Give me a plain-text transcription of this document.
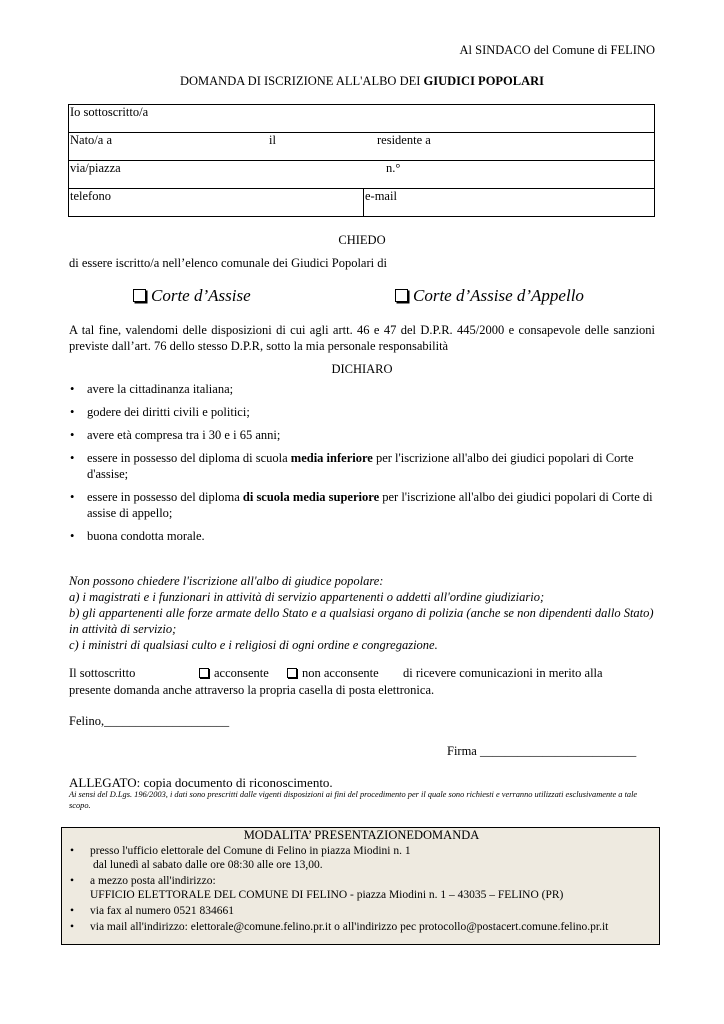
Al SINDACO del Comune di FELINO
DOMANDA DI ISCRIZIONE ALL'ALBO DEI GIUDICI POPOLARI
Io sottoscritto/a

Nato/a a	il	residente a

via/piazza	n.°

telefono	e-mail
CHIEDO
di essere iscritto/a nell’elenco comunale dei Giudici Popolari di
Corte d’Assise	Corte d’Assise d’Appello
A tal fine, valendomi delle disposizioni di cui agli artt. 46 e 47 del D.P.R. 445/2000 e consapevole delle sanzioni previste dall’art. 76 dello stesso D.P.R, sotto la mia personale responsabilità
DICHIARO
• avere la cittadinanza italiana;
• godere dei diritti civili e politici;
• avere età compresa tra i 30 e i 65 anni;
• essere in possesso del diploma di scuola media inferiore per l'iscrizione all'albo dei giudici popolari di Corte d'assise;
• essere in possesso del diploma di scuola media superiore per l'iscrizione all'albo dei giudici popolari di Corte di assise di appello;
• buona condotta morale.
Non possono chiedere l'iscrizione all'albo di giudice popolare:
a) i magistrati e i funzionari in attività di servizio appartenenti o addetti all'ordine giudiziario;
b) gli appartenenti alle forze armate dello Stato e a qualsiasi organo di polizia (anche se non dipendenti dallo Stato) in attività di servizio;
c) i ministri di qualsiasi culto e i religiosi di ogni ordine e congregazione.
Il sottoscritto	acconsente	non acconsente di ricevere comunicazioni in merito alla
presente domanda anche attraverso la propria casella di posta elettronica.
Felino,____________________
Firma _________________________
ALLEGATO: copia documento di riconoscimento.
Ai sensi del D.Lgs. 196/2003, i dati sono prescritti dalle vigenti disposizioni ai fini del procedimento per il quale sono richiesti e verranno utilizzati esclusivamente a tale scopo.
MODALITA’ PRESENTAZIONEDOMANDA
• presso l'ufficio elettorale del Comune di Felino in piazza Miodini n. 1
dal lunedì al sabato dalle ore 08:30 alle ore 13,00.
• a mezzo posta all'indirizzo:
UFFICIO ELETTORALE DEL COMUNE DI FELINO - piazza Miodini n. 1 – 43035 – FELINO (PR)
• via fax al numero 0521 834661
• via mail all'indirizzo: elettorale@comune.felino.pr.it o all'indirizzo pec protocollo@postacert.comune.felino.pr.it
